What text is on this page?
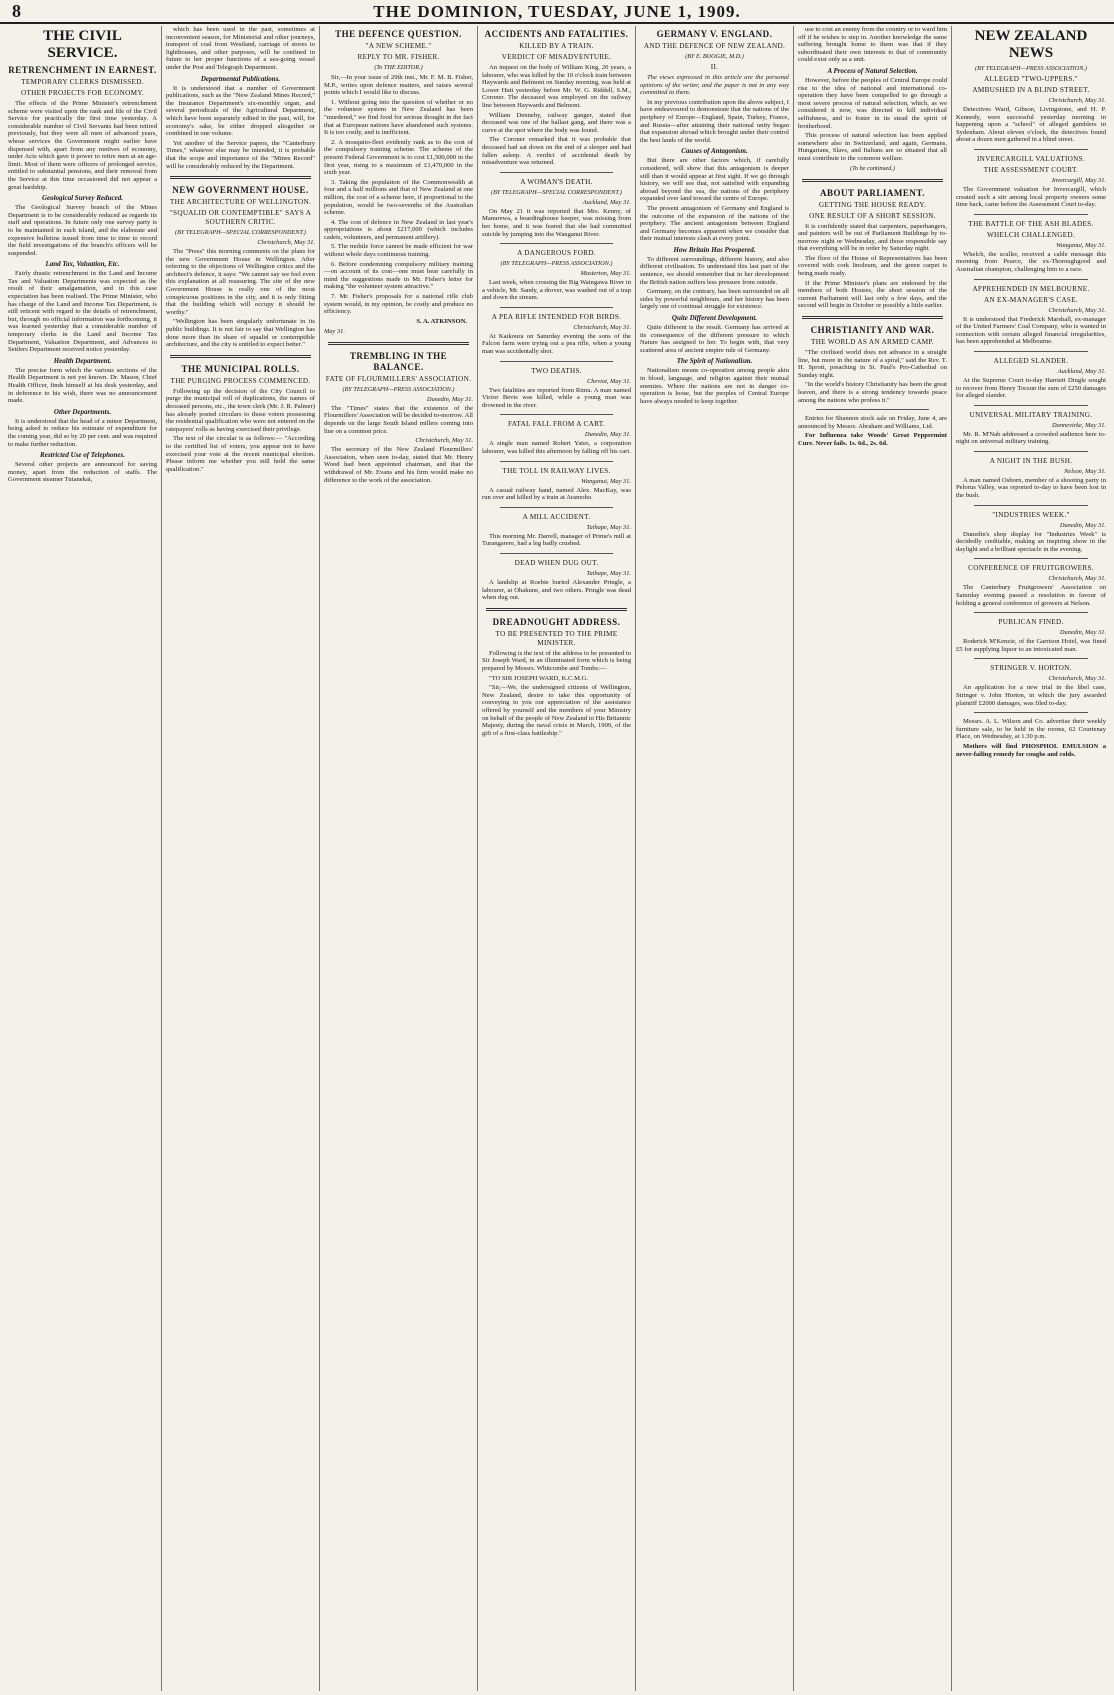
8	THE DOMINION, TUESDAY, JUNE 1, 1909.
THE CIVIL SERVICE.
RETRENCHMENT IN EARNEST.
TEMPORARY CLERKS DISMISSED.
OTHER PROJECTS FOR ECONOMY.

The effects of the Prime Minister's retrenchment scheme were visited upon the rank and file of the Civil Service for practically the first time yesterday. A considerable number of Civil Servants had been retired previously, but they were all men of advanced years, whose services the Government might earlier have dispensed with, apart from any motives of economy, under Acts which gave it power to retire men at an age-limit. Most of them were officers of prolonged service, entitled to substantial pensions, and their removal from the Service at this time occasioned did not appear a great hardship.

Geological Survey Reduced.

The Geological Survey branch of the Mines Department is to be considerably reduced as regards its staff and operations. In future only one survey party is to be maintained in each island, and the elaborate and expensive bulletins issued from time to time to record the field investigations of the branch's officers will be suspended.

Land Tax, Valuation, Etc.

Fairly drastic retrenchment in the Land and Income Tax and Valuation Departments was expected as the result of their amalgamation, and in this case expectation has been realised. The Prime Minister, who has charge of the Land and Income Tax Department, is still reticent with regard to the details of retrenchment, but, through no official information was forthcoming, it was learned yesterday that a considerable number of temporary clerks in the Land and Income Tax Department, Valuation Department, and Advances to Settlers Department received notice yesterday.

Health Department.

The precise form which the various sections of the Health Department is not yet known. Dr. Mason, Chief Health Officer, finds himself at his desk yesterday, and in deference to his wish, there was no announcement made.

Other Departments.

It is understood that the head of a minor Department, being asked to reduce his estimate of expenditure for the coming year, did so by 20 per cent. and was required to make further reduction.

Restricted Use of Telephones.

Several other projects are announced for saving money, apart from the reduction of staffs. The Government steamer Tutanekai,

which has been used in the past, sometimes at inconvenient season, for Ministerial and other journeys, transport of coal from Westland, carriage of stores to lighthouses, and other purposes, will be confined in future to her proper functions of a sea-going vessel under the Post and Telegraph Department.

Departmental Publications.

It is understood that a number of Government publications, such as the "New Zealand Mines Record," the Insurance Department's six-monthly organ, and several periodicals of the Agricultural Department, which have been separately edited in the past, will, for economy's sake, be either dropped altogether or combined in one volume.

Yet another of the Service papers, the "Canterbury Times," whatever else may be intended, it is probable that the scope and importance of the "Mines Record" will be considerably reduced by the Department.

NEW GOVERNMENT HOUSE.
THE ARCHITECTURE OF WELLINGTON.
"SQUALID OR CONTEMPTIBLE" SAYS A SOUTHERN CRITIC.
(BY TELEGRAPH—SPECIAL CORRESPONDENT.)
Christchurch, May 31.

The "Press" this morning comments on the plans for the new Government House in Wellington. After referring to the objections of Wellington critics and the architect's defence, it says: "We cannot say we feel even this explanation at all reassuring. The site of the new Government House is really one of the most conspicuous positions in the city, and it is only fitting that the building which will occupy it should be worthy."

"Wellington has been singularly unfortunate in its public buildings. It is not fair to say that Wellington has done more than its share of squalid or contemptible architecture, and the city is entitled to expect better."

THE MUNICIPAL ROLLS.
THE PURGING PROCESS COMMENCED.

Following up the decision of the City Council to purge the municipal roll of duplications, the names of deceased persons, etc., the town clerk (Mr. J. R. Palmer) has already posted circulars to those voters possessing the residential qualification who were not entered on the ratepayers' rolls as having exercised their privilege.

The text of the circular is as follows:— "According to the certified list of voters, you appear not to have exercised your vote at the recent municipal election. Please inform me whether you still hold the same qualification."

THE DEFENCE QUESTION.
"A NEW SCHEME."
REPLY TO MR. FISHER.
(To THE EDITOR.)

Sir,—In your issue of 29th inst., Mr. F. M. B. Fisher, M.P., writes upon defence matters, and raises several points which I would like to discuss.

1. Without going into the question of whether or no the volunteer system in New Zealand has been "murdered," we find food for serious thought in the fact that at European nations have abandoned such systems. It is too costly, and is inefficient.

2. A mosquito-fleet evidently rank as to the cost of the compulsory training scheme. The scheme of the present Federal Government is to cost £1,500,000 in the first year, rising to a maximum of £1,470,000 in the sixth year.

3. Taking the population of the Commonwealth at four and a half millions and that of New Zealand at one million, the cost of a scheme here, if proportional to the population, would be two-sevenths of the Australian scheme.

4. The cost of defence in New Zealand in last year's appropriations is about £217,000 (which includes cadets, volunteers, and permanent artillery).

5. The mobile force cannot be made efficient for war without whole days continuous training.

6. Before condemning compulsory military training—on account of its cost—one must bear carefully in mind the suggestions made in Mr. Fisher's letter for making "the volunteer system attractive."

7. Mr. Fisher's proposals for a national rifle club system would, in my opinion, be costly and produce no efficiency.

S. A. ATKINSON.
May 31.
TREMBLING IN THE BALANCE.
FATE OF FLOURMILLERS' ASSOCIATION.
(BY TELEGRAPH—PRESS ASSOCIATION.)
Dunedin, May 31.

The "Times" states that the existence of the Flourmillers' Association will be decided to-morrow. All depends on the large South Island millers coming into line on a common price.

Christchurch, May 31.

The secretary of the New Zealand Flourmillers' Association, when seen to-day, stated that Mr. Henry Wood had been appointed chairman, and that the withdrawal of Mr. Evans and his firm would make no difference to the work of the association.

ACCIDENTS AND FATALITIES.
KILLED BY A TRAIN.
VERDICT OF MISADVENTURE.

An inquest on the body of William King, 20 years, a labourer, who was killed by the 10 o'clock train between Haywards and Belmont on Sunday morning, was held at Lower Hutt yesterday before Mr. W. G. Riddell, S.M., Coroner. The deceased was employed on the railway line between Haywards and Belmont.

William Dennehy, railway ganger, stated that deceased was one of the ballast gang, and there was a curve at the spot where the body was found.

The Coroner remarked that it was probable that deceased had sat down on the end of a sleeper and had fallen asleep. A verdict of accidental death by misadventure was returned.

A WOMAN'S DEATH.
(BY TELEGRAPH—SPECIAL CORRESPONDENT.)
Auckland, May 31.

On May 21 it was reported that Mrs. Kenny, of Manurewa, a boardinghouse keeper, was missing from her home, and it was feared that she had committed suicide by jumping into the Wanganui River.

A DANGEROUS FORD.
(BY TELEGRAPH—PRESS ASSOCIATION.)
Masterton, May 31.

Last week, when crossing the Big Waingawa River in a vehicle, Mr. Sandy, a drover, was washed out of a trap and down the stream.

A PEA RIFLE INTENDED FOR BIRDS.
Christchurch, May 31.

At Kaikoura on Saturday evening the sons of the Falcon farm were trying out a pea rifle, when a young man was accidentally shot.

TWO DEATHS.
Cheviot, May 31.

Two fatalities are reported from Rimu. A man named Victor Bevis was killed, while a young man was drowned in the river.

FATAL FALL FROM A CART.
Dunedin, May 31.

A single man named Robert Yates, a corporation labourer, was killed this afternoon by falling off his cart.

THE TOLL IN RAILWAY LIVES.
Wanganui, May 31.

A casual railway hand, named Alex. MacKay, was run over and killed by a train at Aramoho.

A MILL ACCIDENT.
Taihape, May 31.

This morning Mr. Darrell, manager of Prime's mill at Turangarere, had a leg badly crushed.

DEAD WHEN DUG OUT.
Taihape, May 31.

A landslip at Roebie buried Alexander Pringle, a labourer, at Ohakune, and two others. Pringle was dead when dug out.

DREADNOUGHT ADDRESS.
TO BE PRESENTED TO THE PRIME MINISTER.

Following is the text of the address to be presented to Sir Joseph Ward, in an illuminated form which is being prepared by Messrs. Whitcombe and Tombs:—

"TO SIR JOSEPH WARD, K.C.M.G.

"Sir,—We, the undersigned citizens of Wellington, New Zealand, desire to take this opportunity of conveying to you our appreciation of the assistance offered by yourself and the members of your Ministry on behalf of the people of New Zealand to His Britannic Majesty, during the naval crisis in March, 1909, of the gift of a first-class battleship."

GERMANY V. ENGLAND.
AND THE DEFENCE OF NEW ZEALAND.
(BY E. BOOGIE, M.D.)
II.

The views expressed in this article are the personal opinions of the writer, and the paper is not in any way committed to them.

In my previous contribution upon the above subject, I have endeavoured to demonstrate that the nations of the periphery of Europe—England, Spain, Turkey, France, and Russia—after attaining their national unity began that expansion abroad which brought under their control the best lands of the world.

Causes of Antagonism.

But there are other factors which, if carefully considered, will show that this antagonism is deeper still than it would appear at first sight. If we go through history, we will see that, not satisfied with expanding abroad beyond the sea, the nations of the periphery expanded over land toward the centre of Europe.

The present antagonism of Germany and England is the outcome of the expansion of the nations of the periphery. The ancient antagonism between England and Germany becomes apparent when we consider that their mutual interests clash at every point.

How Britain Has Prospered.

To different surroundings, different history, and also different civilisation. To understand this last part of the sentence, we should remember that in her development the British nation suffers less pressure from outside.

Germany, on the contrary, has been surrounded on all sides by powerful neighbours, and her history has been largely one of continual struggle for existence.

Quite Different Development.

Quite different is the result. Germany has arrived at its consequence of the different pressure to which Nature has assigned to her. To begin with, that very scattered area of ancient empire rule of Germany.

The Spirit of Nationalism.

Nationalism means co-operation among people akin in blood, language, and religion against their mutual enemies. Where the nations are not in danger co-operation is loose, but the peoples of Central Europe have always needed to keep together.

use to cost an enemy from the country or to ward him off if he wishes to step in. Another knowledge the same suffering brought home to them was that if they subordinated their own interests to that of community could exist only as a unit.

A Process of Natural Selection.

However, before the peoples of Central Europe could rise to the idea of national and international co-operation they have been compelled to go through a most severe process of natural selection, which, as we considered it now, was directed to kill individual selfishness, and to foster in its stead the spirit of brotherhood.

This process of natural selection has been applied somewhere also in Switzerland, and again, Germans, Hungarians, Slavs, and Italians are so situated that all must contribute to the common welfare.

(To be continued.)
ABOUT PARLIAMENT.
GETTING THE HOUSE READY.
ONE RESULT OF A SHORT SESSION.

It is confidently stated that carpenters, paperhangers, and painters will be out of Parliament Buildings by to-morrow night or Wednesday, and those responsible say that everything will be in order by Saturday night.

The floor of the House of Representatives has been covered with cork linoleum, and the green carpet is being made ready.

If the Prime Minister's plans are endorsed by the members of both Houses, the short session of the current Parliament will last only a few days, and the second will begin in October or possibly a little earlier.

CHRISTIANITY AND WAR.
THE WORLD AS AN ARMED CAMP.

"The civilised world does not advance in a straight line, but more in the nature of a spiral," said the Rev. T. H. Sprott, preaching in St. Paul's Pro-Cathedral on Sunday night.

"In the world's history Christianity has been the great leaven, and there is a strong tendency towards peace among the nations who profess it."

Entries for Shannon stock sale on Friday, June 4, are announced by Messrs. Abraham and Williams, Ltd.

For Influenza take Woods' Great Peppermint Cure. Never fails. 1s. 6d., 2s. 6d.

NEW ZEALAND NEWS
(BY TELEGRAPH—PRESS ASSOCIATION.)
ALLEGED "TWO-UPPERS."
AMBUSHED IN A BLIND STREET.
Christchurch, May 31.

Detectives Ward, Gibson, Livingstone, and H. P. Kennedy, were successful yesterday morning in happening upon a "school" of alleged gamblers in Sydenham. About eleven o'clock, the detectives found about a dozen men gathered in a blind street.

INVERCARGILL VALUATIONS.
THE ASSESSMENT COURT.
Invercargill, May 31.

The Government valuation for Invercargill, which created such a stir among local property owners some time back, came before the Assessment Court to-day.

THE BATTLE OF THE ASH BLADES.
WHELCH CHALLENGED.
Wanganui, May 31.

Whelch, the sculler, received a cable message this morning from Pearce, the ex-Thoroughgood and Australian champion, challenging him to a race.

APPREHENDED IN MELBOURNE.
AN EX-MANAGER'S CASE.
Christchurch, May 31.

It is understood that Frederick Marshall, ex-manager of the United Farmers' Coal Company, who is wanted in connection with certain alleged financial irregularities, has been apprehended at Melbourne.

ALLEGED SLANDER.
Auckland, May 31.

At the Supreme Court to-day Harriett Dingle sought to recover from Henry Tocsun the sum of £250 damages for alleged slander.

UNIVERSAL MILITARY TRAINING.
Dannevirke, May 31.

Mr. R. M'Nab addressed a crowded audience here to-night on universal military training.

A NIGHT IN THE BUSH.
Nelson, May 31.

A man named Osborn, member of a shooting party in Pelorus Valley, was reported to-day to have been lost in the bush.

"INDUSTRIES WEEK."
Dunedin, May 31.

Dunedin's shop display for "Industries Week" is decidedly creditable, making an inspiring show in the daylight and a brilliant spectacle in the evening.

CONFERENCE OF FRUITGROWERS.
Christchurch, May 31.

The Canterbury Fruitgrowers' Association on Saturday evening passed a resolution in favour of holding a general conference of growers at Nelson.

PUBLICAN FINED.
Dunedin, May 31.

Roderick M'Kenzie, of the Garrison Hotel, was fined £5 for supplying liquor to an intoxicated man.

STRINGER V. HORTON.
Christchurch, May 31.

An application for a new trial in the libel case, Stringer v. John Horton, in which the jury awarded plaintiff £2000 damages, was filed to-day.

Messrs. A. L. Wilson and Co. advertise their weekly furniture sale, to be held in the rooms, 62 Courtenay Place, on Wednesday, at 1.30 p.m.

Mothers will find PHOSPHOL EMULSION a never-failing remedy for coughs and colds.
